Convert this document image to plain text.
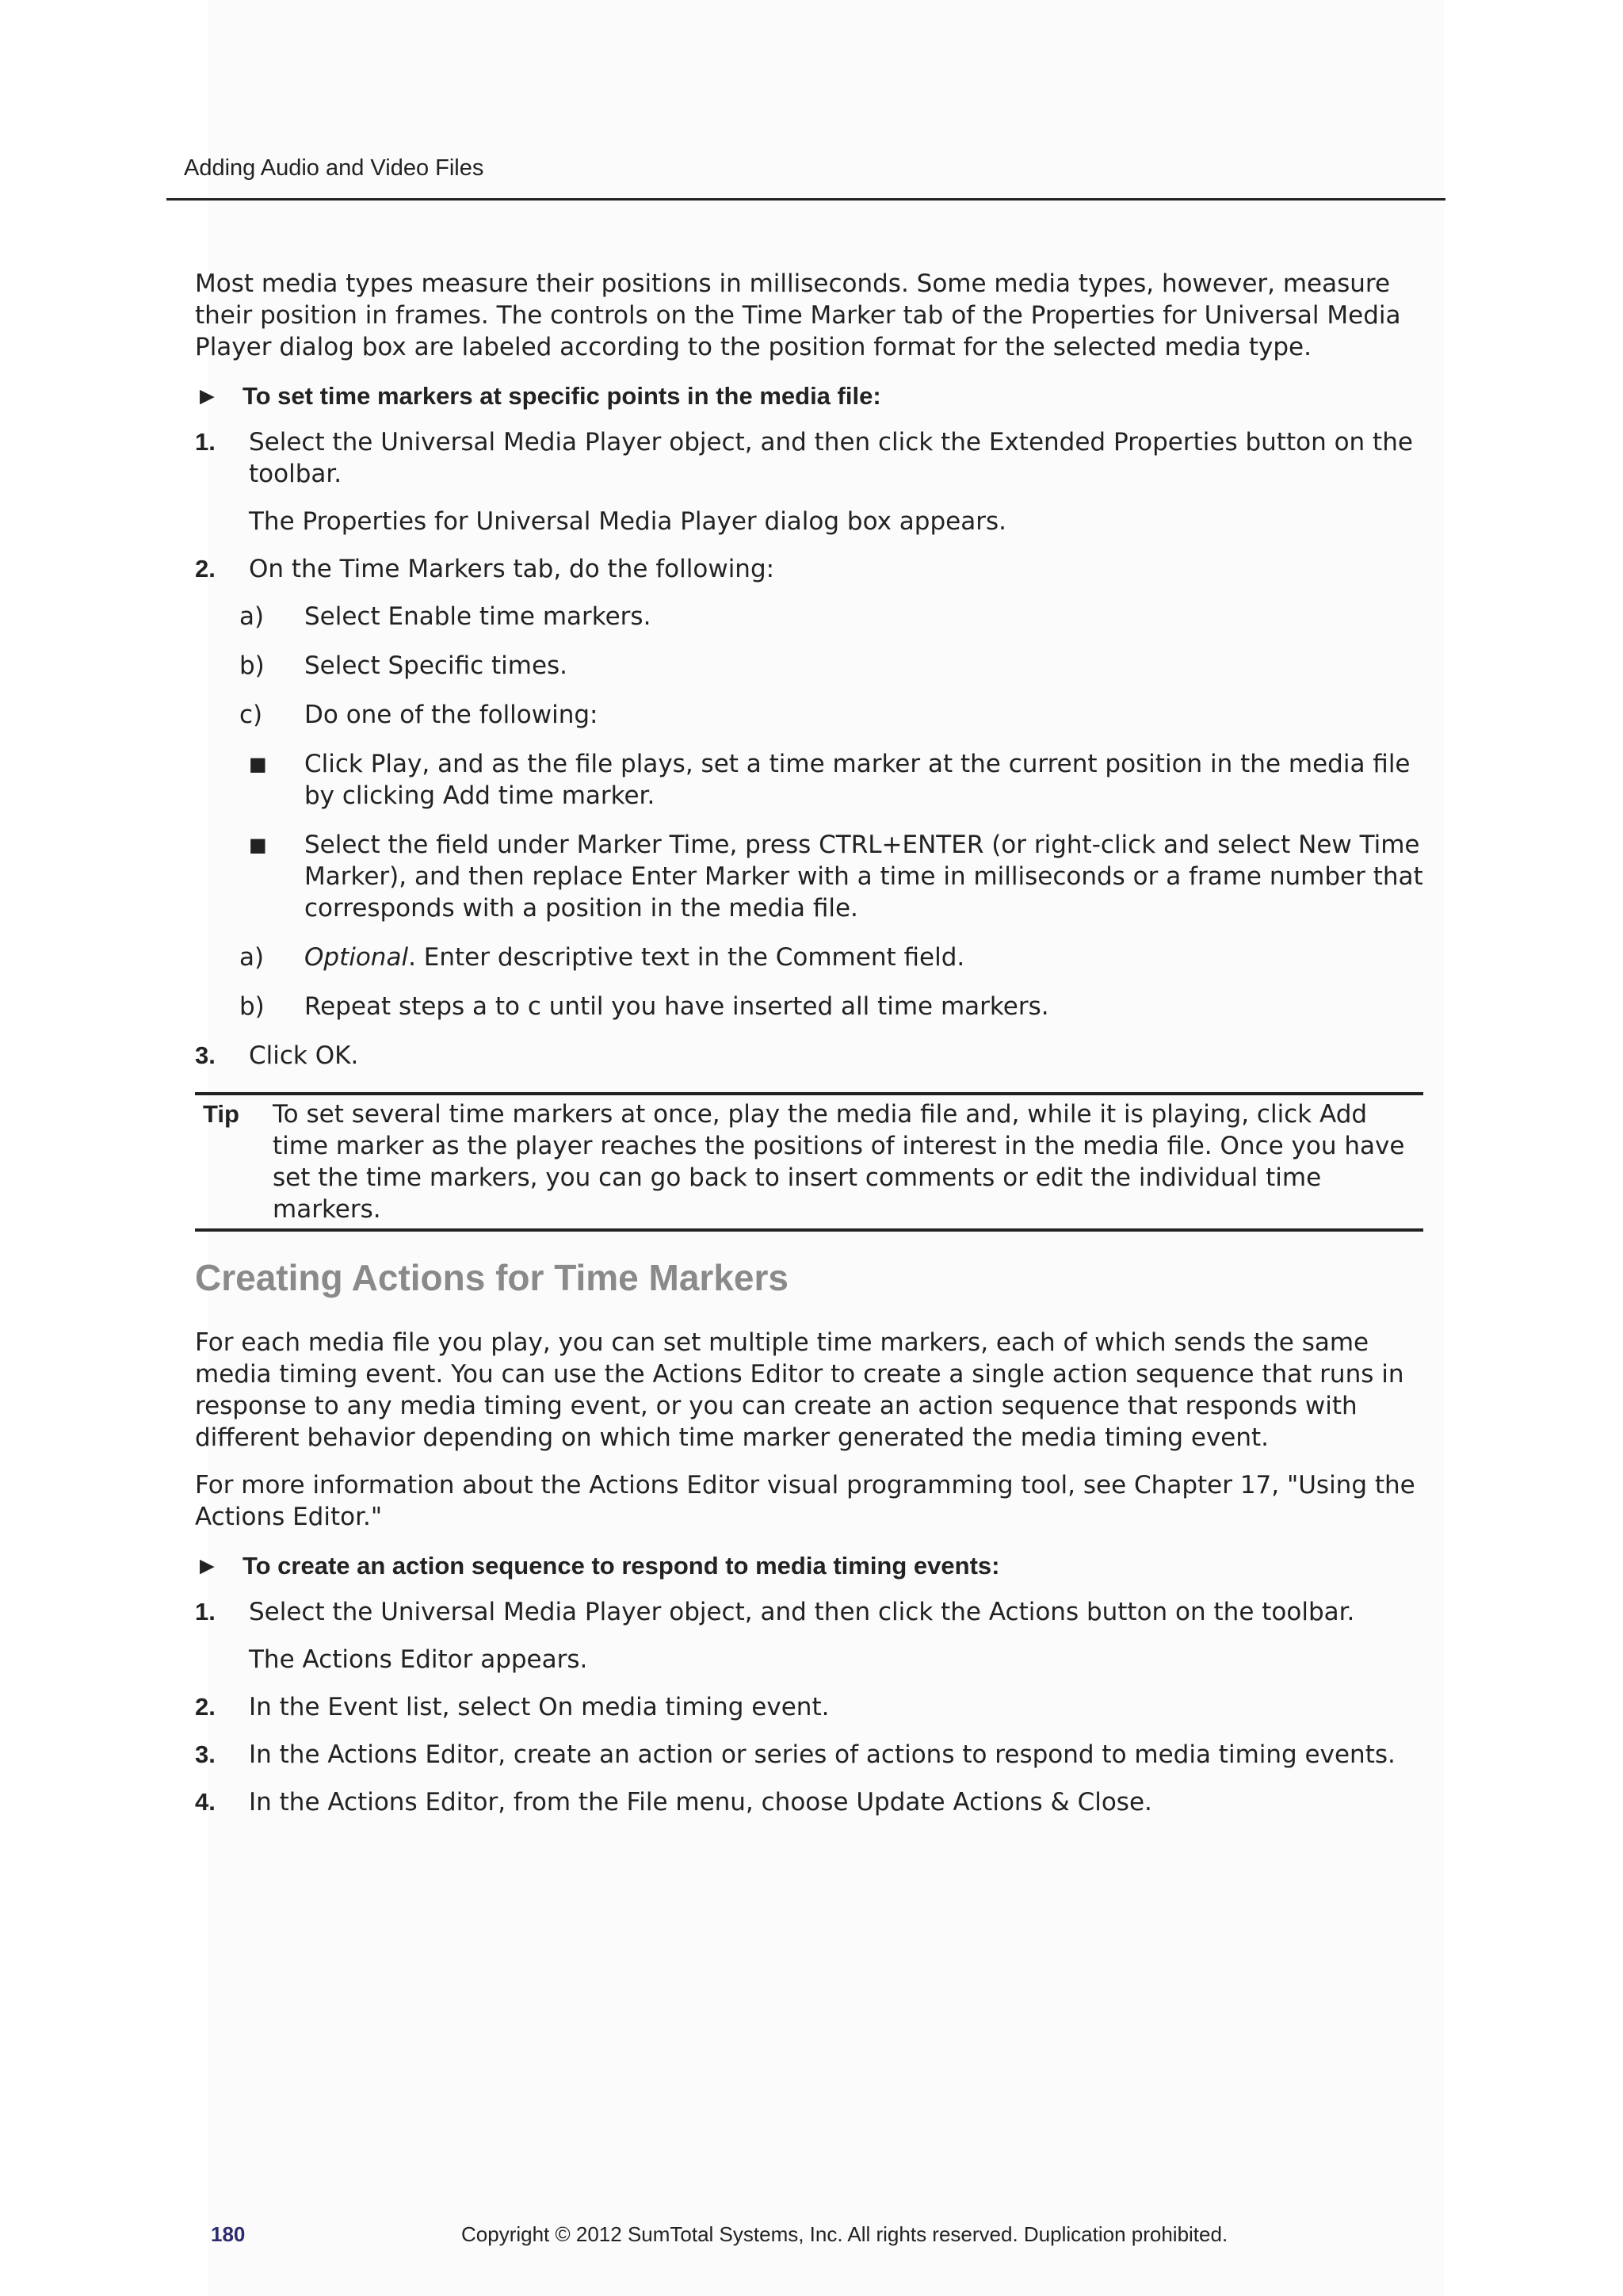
Adding Audio and Video Files

Most media types measure their positions in milliseconds. Some media types, however, measure their position in frames. The controls on the Time Marker tab of the Properties for Universal Media Player dialog box are labeled according to the position format for the selected media type.

► To set time markers at specific points in the media file:
1.	Select the Universal Media Player object, and then click the Extended Properties button on the toolbar.

The Properties for Universal Media Player dialog box appears.

2.	On the Time Markers tab, do the following:
a)	Select Enable time markers.
b)	Select Specific times.
c)	Do one of the following:
■	Click Play, and as the file plays, set a time marker at the current position in the media file by clicking Add time marker.
■	Select the field under Marker Time, press CTRL+ENTER (or right-click and select New Time Marker), and then replace Enter Marker with a time in milliseconds or a frame number that corresponds with a position in the media file.
a)	Optional. Enter descriptive text in the Comment field.
b)	Repeat steps a to c until you have inserted all time markers.
3.	Click OK.
Tip	To set several time markers at once, play the media file and, while it is playing, click Add time marker as the player reaches the positions of interest in the media file. Once you have set the time markers, you can go back to insert comments or edit the individual time markers.
Creating Actions for Time Markers

For each media file you play, you can set multiple time markers, each of which sends the same media timing event. You can use the Actions Editor to create a single action sequence that runs in response to any media timing event, or you can create an action sequence that responds with different behavior depending on which time marker generated the media timing event.

For more information about the Actions Editor visual programming tool, see Chapter 17, "Using the Actions Editor."

► To create an action sequence to respond to media timing events:
1.	Select the Universal Media Player object, and then click the Actions button on the toolbar.

The Actions Editor appears.

2.	In the Event list, select On media timing event.
3.	In the Actions Editor, create an action or series of actions to respond to media timing events.
4.	In the Actions Editor, from the File menu, choose Update Actions & Close.
180	Copyright © 2012 SumTotal Systems, Inc. All rights reserved. Duplication prohibited.
